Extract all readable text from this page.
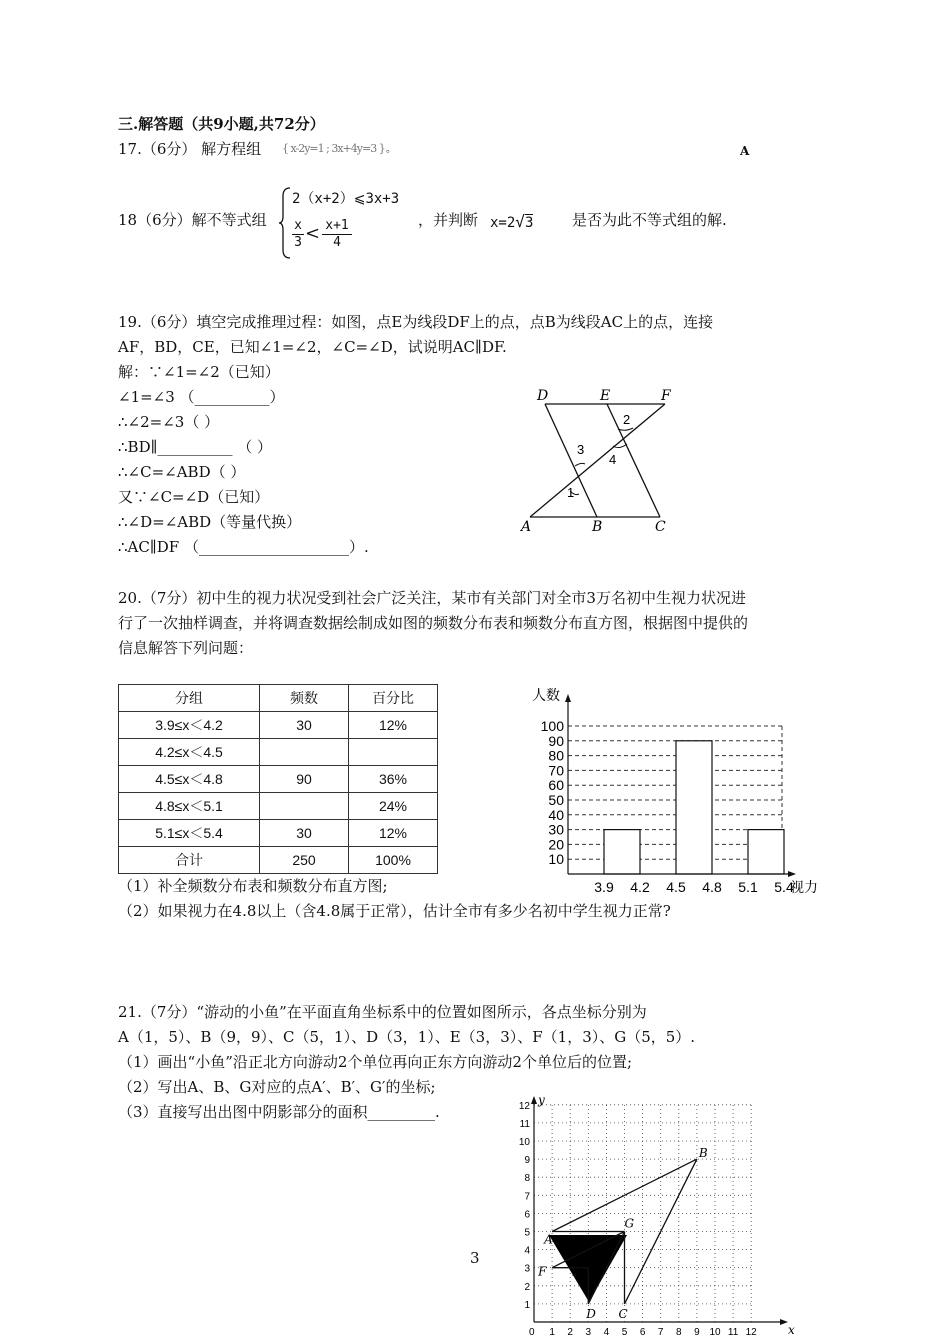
三.解答题（共9小题,共72分）
17.（6分） 解方程组 { x-2y=1 ; 3x+4y=3 } 。	A
18（6分）解不等式组
2（x+2）⩽3x+3
$\frac{x}{3} < \frac{x+1}{4}$	，并判断 x=2√3	是否为此不等式组的解.
19.（6分）填空完成推理过程：如图，点E为线段DF上的点，点B为线段AC上的点，连接
AF，BD，CE，已知∠1=∠2，∠C=∠D，试说明AC∥DF.
解：∵∠1=∠2（已知）
∠1=∠3 （__________）
∴∠2=∠3（ ）
∴BD∥__________ （ ）
∴∠C=∠ABD（ ）
又∵∠C=∠D（已知）
∴∠D=∠ABD（等量代换）
∴AC∥DF （____________________）.
D	E	F
A	B	C
1
2
3
4
20.（7分）初中生的视力状况受到社会广泛关注，某市有关部门对全市3万名初中生视力状况进
行了一次抽样调查，并将调查数据绘制成如图的频数分布表和频数分布直方图，根据图中提供的
信息解答下列问题：
分组	频数	百分比
3.9≤x＜4.2	30	12%
4.2≤x＜4.5		
4.5≤x＜4.8	90	36%
4.8≤x＜5.1		24%
5.1≤x＜5.4	30	12%
合计	250	100%
人数
视力
10
20
30
40
50
60
70
80
90
100
3.9 4.2 4.5 4.8 5.1 5.4
（1）补全频数分布表和频数分布直方图;
（2）如果视力在4.8以上（含4.8属于正常），估计全市有多少名初中学生视力正常?
21.（7分）“游动的小鱼”在平面直角坐标系中的位置如图所示，各点坐标分别为
A（1，5）、B（9，9）、C（5，1）、D（3，1）、E（3，3）、F（1，3）、G（5，5）.
（1）画出“小鱼”沿正北方向游动2个单位再向正东方向游动2个单位后的位置;
（2）写出A、B、G对应的点A′、B′、G′的坐标;
（3）直接写出出图中阴影部分的面积_________.
3
1
1
2
2
3
3
4
4
5
5
6
6
7
7
8
8
9
9
10
10
11
11
12
12
x
y
0
A
B
C
D
E
F
G
